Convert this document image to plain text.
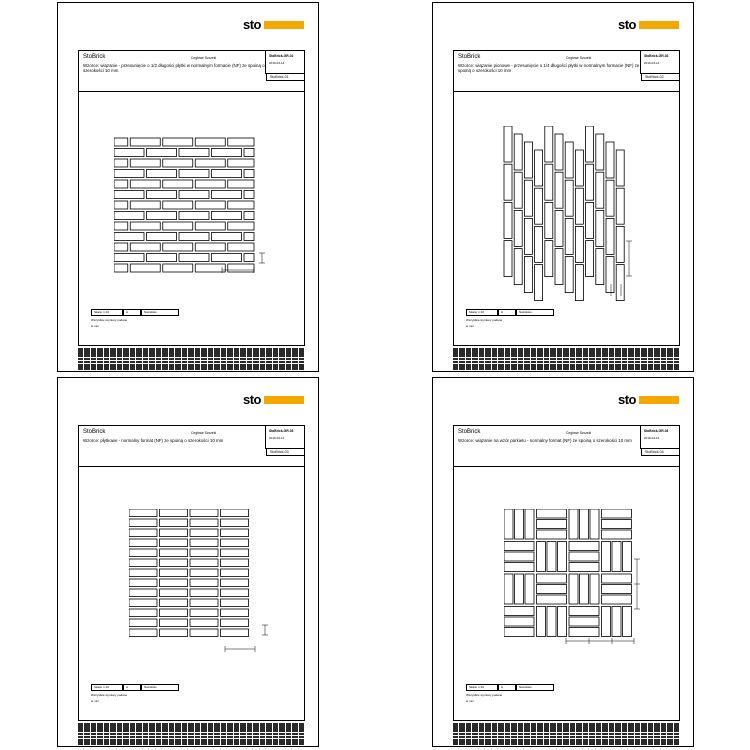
sto
StoBrick	Cegłowe Szczeki
Wzorce: wiązanie - przesunięcie o 1/2 długości płytki w normalnym formacie (NF) ze spoiną o szerokości 10 mm
StoBrick-GR-01
2016-04-14
StoBrick-01
Skala: 1:10	A	Nazwisko
Wszystkie wymiary podane
w mm
sto
StoBrick	Cegłowe Szczeki
Wzorce: wiązanie pionowe - przesunięcie o 1/4 długości płytki w normalnym formacie (NF) ze spoiną o szerokości 10 mm
StoBrick-GR-02
2016-04-14
StoBrick-02
Skala: 1:10	A	Nazwisko
Wszystkie wymiary podane
w mm
sto
StoBrick	Cegłowe Szczeki
Wzorce: płytkowe - normalny format (NF) ze spoiną o szerokości 10 mm
StoBrick-GR-03
2016-04-14
StoBrick-03
Skala: 1:10	A	Nazwisko
Wszystkie wymiary podane
w mm
sto
StoBrick	Cegłowe Szczeki
Wzorce: wiązanie na wzór parkietu - normalny format (NF) ze spoiną o szerokości 10 mm
StoBrick-GR-04
2016-04-14
StoBrick-04
Skala: 1:10	A	Nazwisko
Wszystkie wymiary podane
w mm
